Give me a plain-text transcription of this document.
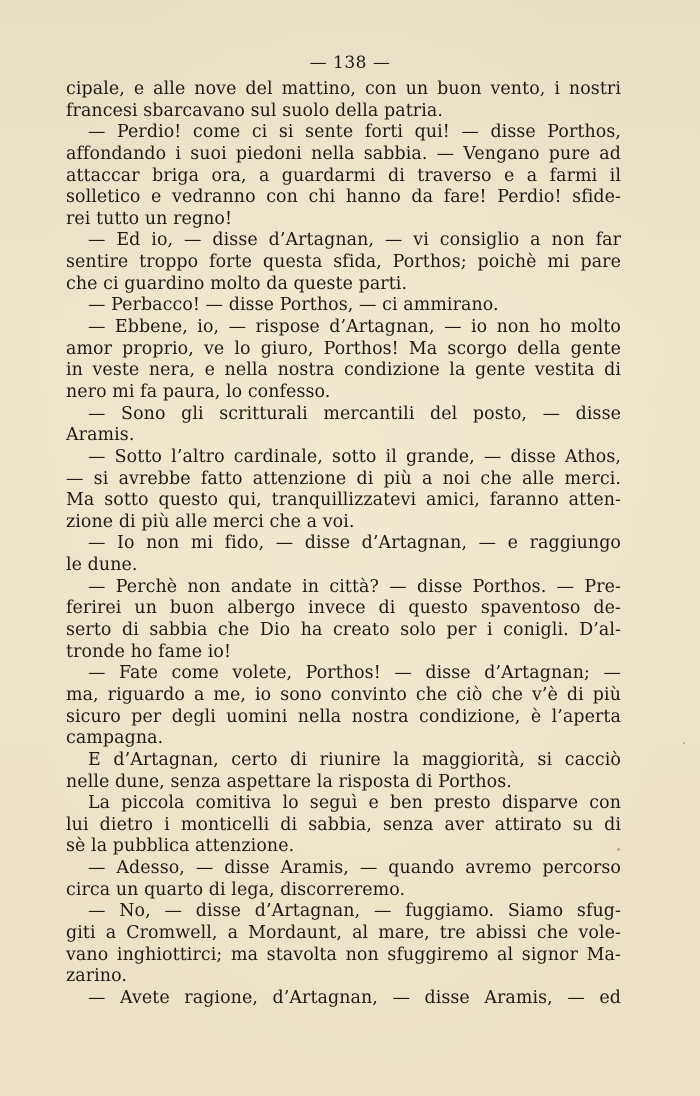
— 138 —
cipale, e alle nove del mattino, con un buon vento, i nostri
francesi sbarcavano sul suolo della patria.
— Perdio! come ci si sente forti qui! — disse Porthos,
affondando i suoi piedoni nella sabbia. — Vengano pure ad
attaccar briga ora, a guardarmi di traverso e a farmi il
solletico e vedranno con chi hanno da fare! Perdio! sfide-
rei tutto un regno!
— Ed io, — disse d’Artagnan, — vi consiglio a non far
sentire troppo forte questa sfida, Porthos; poichè mi pare
che ci guardino molto da queste parti.
— Perbacco! — disse Porthos, — ci ammirano.
— Ebbene, io, — rispose d’Artagnan, — io non ho molto
amor proprio, ve lo giuro, Porthos! Ma scorgo della gente
in veste nera, e nella nostra condizione la gente vestita di
nero mi fa paura, lo confesso.
— Sono gli scritturali mercantili del posto, — disse
Aramis.
— Sotto l’altro cardinale, sotto il grande, — disse Athos,
— si avrebbe fatto attenzione di più a noi che alle merci.
Ma sotto questo qui, tranquillizzatevi amici, faranno atten-
zione di più alle merci che a voi.
— Io non mi fido, — disse d’Artagnan, — e raggiungo
le dune.
— Perchè non andate in città? — disse Porthos. — Pre-
ferirei un buon albergo invece di questo spaventoso de-
serto di sabbia che Dio ha creato solo per i conigli. D’al-
tronde ho fame io!
— Fate come volete, Porthos! — disse d’Artagnan; —
ma, riguardo a me, io sono convinto che ciò che v’è di più
sicuro per degli uomini nella nostra condizione, è l’aperta
campagna.
E d’Artagnan, certo di riunire la maggiorità, si cacciò
nelle dune, senza aspettare la risposta di Porthos.
La piccola comitiva lo seguì e ben presto disparve con
lui dietro i monticelli di sabbia, senza aver attirato su di
sè la pubblica attenzione.
— Adesso, — disse Aramis, — quando avremo percorso
circa un quarto di lega, discorreremo.
— No, — disse d’Artagnan, — fuggiamo. Siamo sfug-
giti a Cromwell, a Mordaunt, al mare, tre abissi che vole-
vano inghiottirci; ma stavolta non sfuggiremo al signor Ma-
zarino.
— Avete ragione, d’Artagnan, — disse Aramis, — ed
